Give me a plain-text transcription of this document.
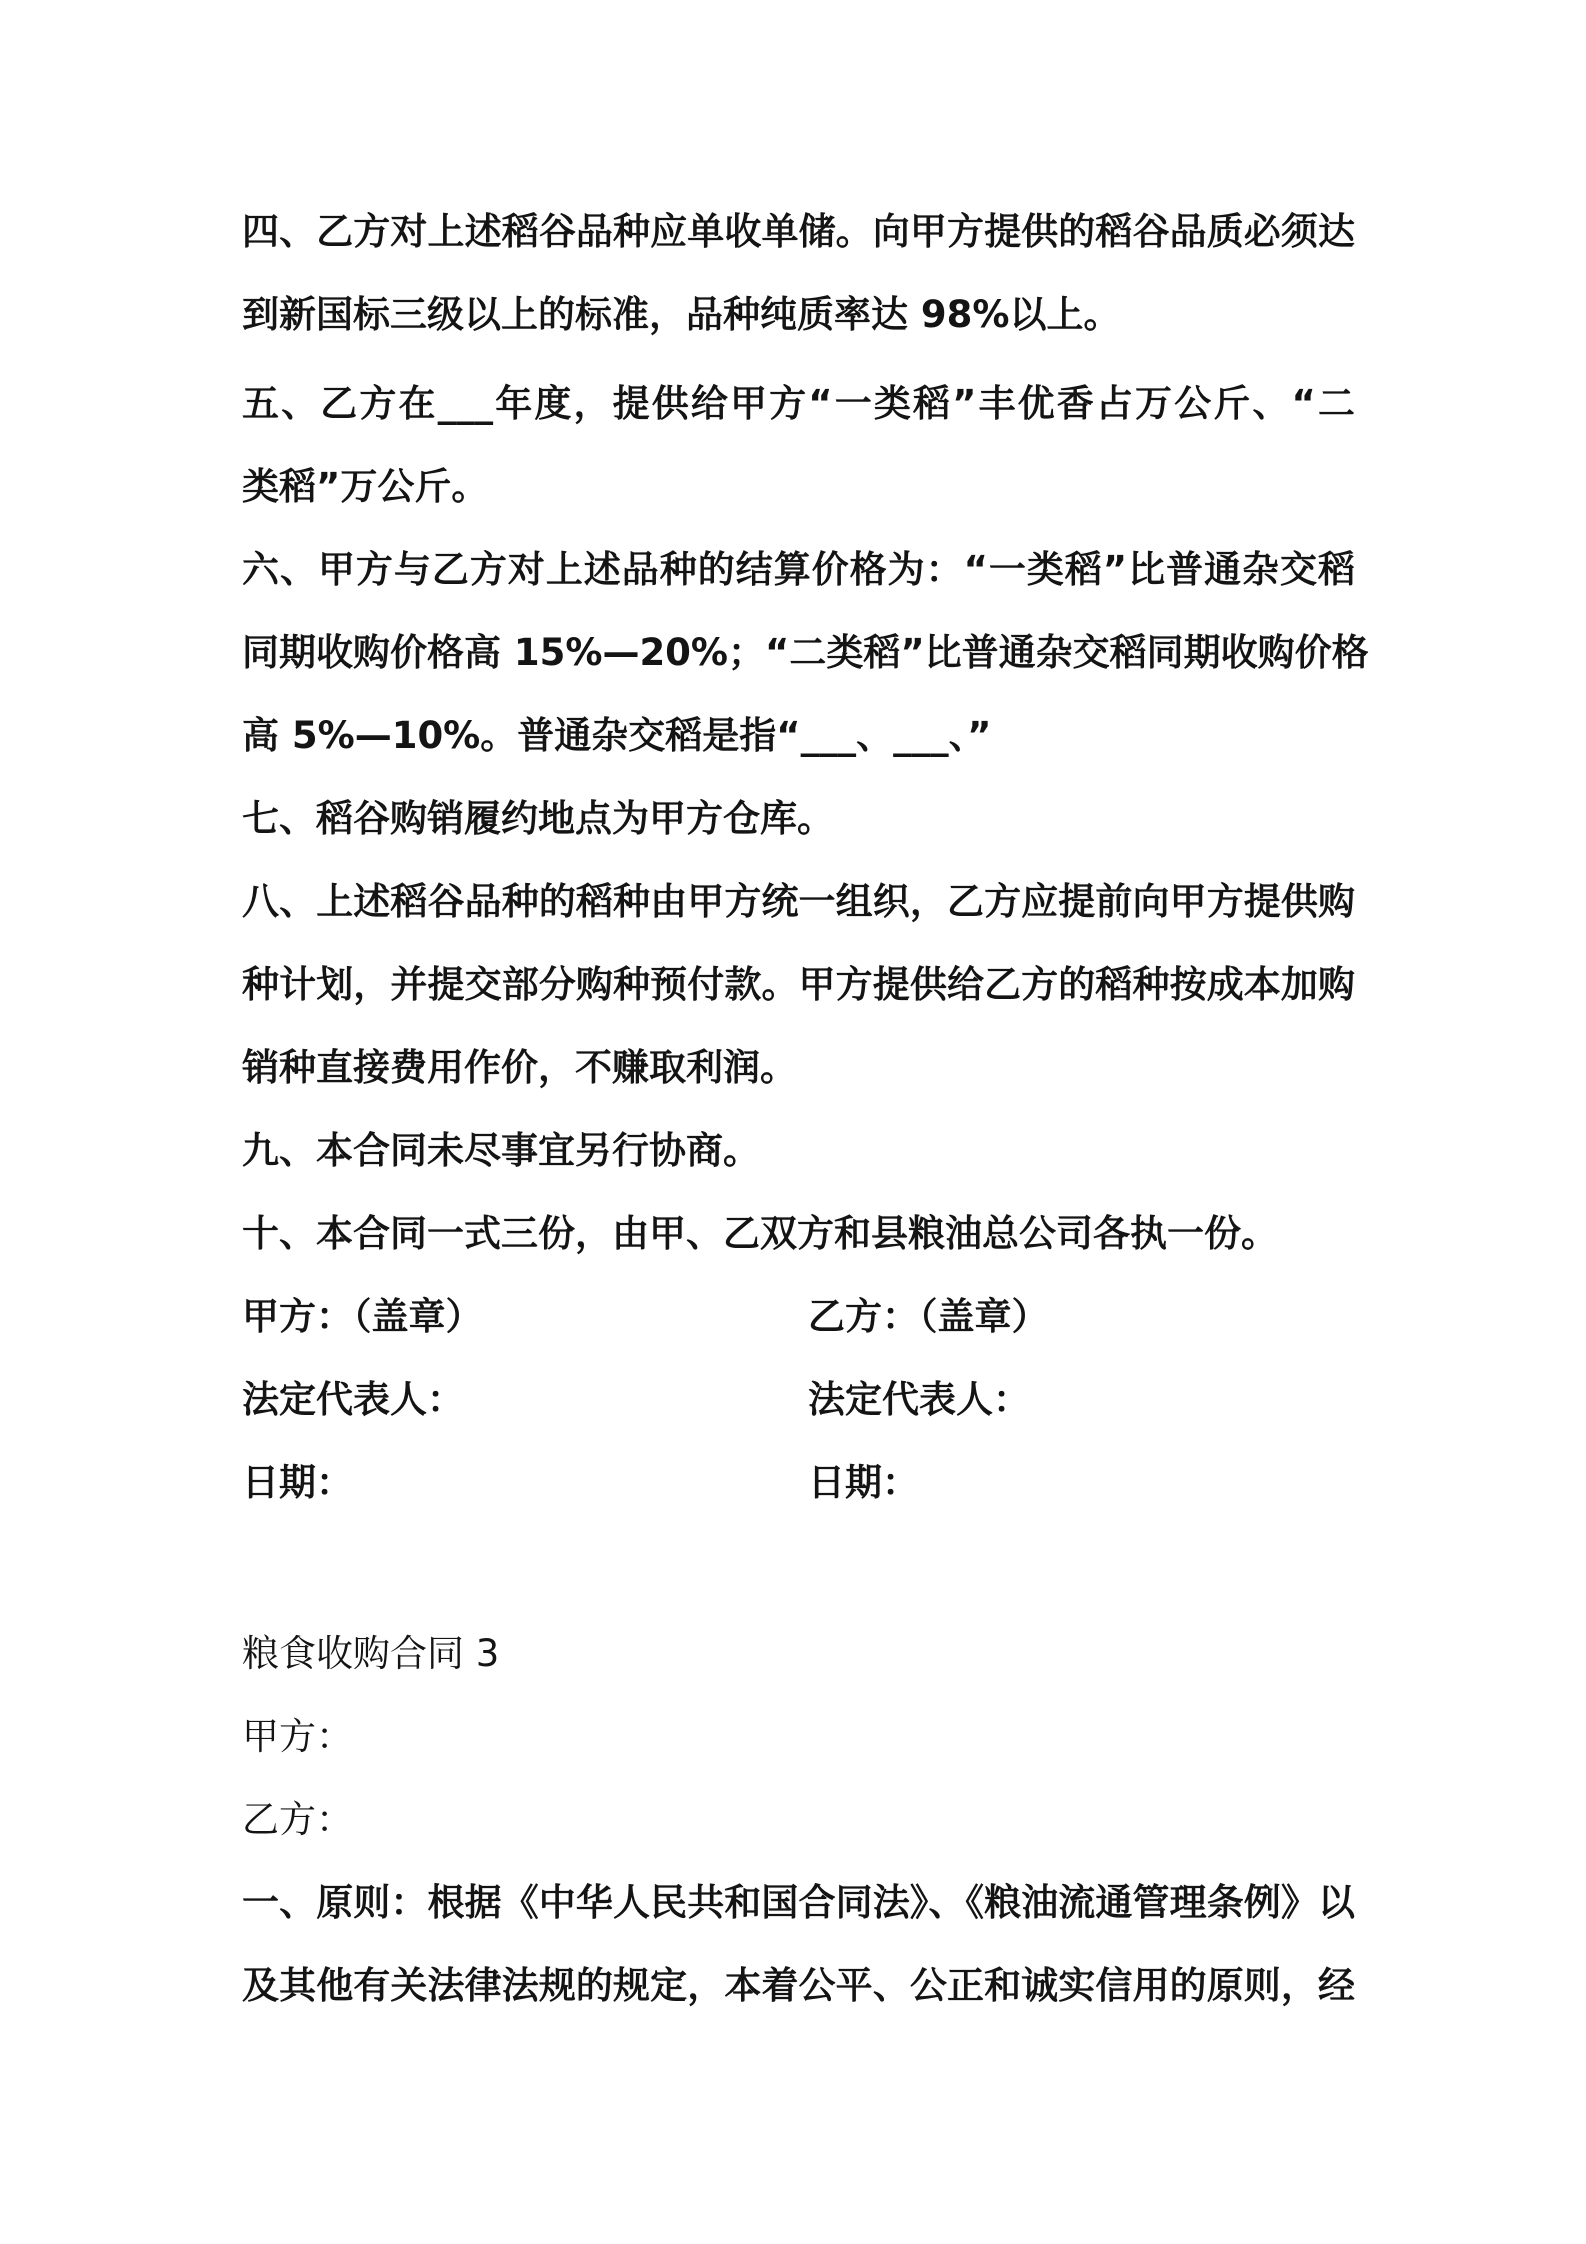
四、乙方对上述稻谷品种应单收单储。向甲方提供的稻谷品质必须达
到新国标三级以上的标准，品种纯质率达 98%以上。
五、乙方在___年度，提供给甲方“一类稻”丰优香占万公斤、“二
类稻”万公斤。
六、甲方与乙方对上述品种的结算价格为：“一类稻”比普通杂交稻
同期收购价格高 15%—20%；“二类稻”比普通杂交稻同期收购价格
高 5%—10%。普通杂交稻是指“___、___、”
七、稻谷购销履约地点为甲方仓库。
八、上述稻谷品种的稻种由甲方统一组织，乙方应提前向甲方提供购
种计划，并提交部分购种预付款。甲方提供给乙方的稻种按成本加购
销种直接费用作价，不赚取利润。
九、本合同未尽事宜另行协商。
十、本合同一式三份，由甲、乙双方和县粮油总公司各执一份。
甲方：（盖章）	乙方：（盖章）
法定代表人：	法定代表人：
日期：	日期：
粮食收购合同 3
甲方：
乙方：
一、原则：根据《中华人民共和国合同法》、《粮油流通管理条例》以
及其他有关法律法规的规定，本着公平、公正和诚实信用的原则，经
